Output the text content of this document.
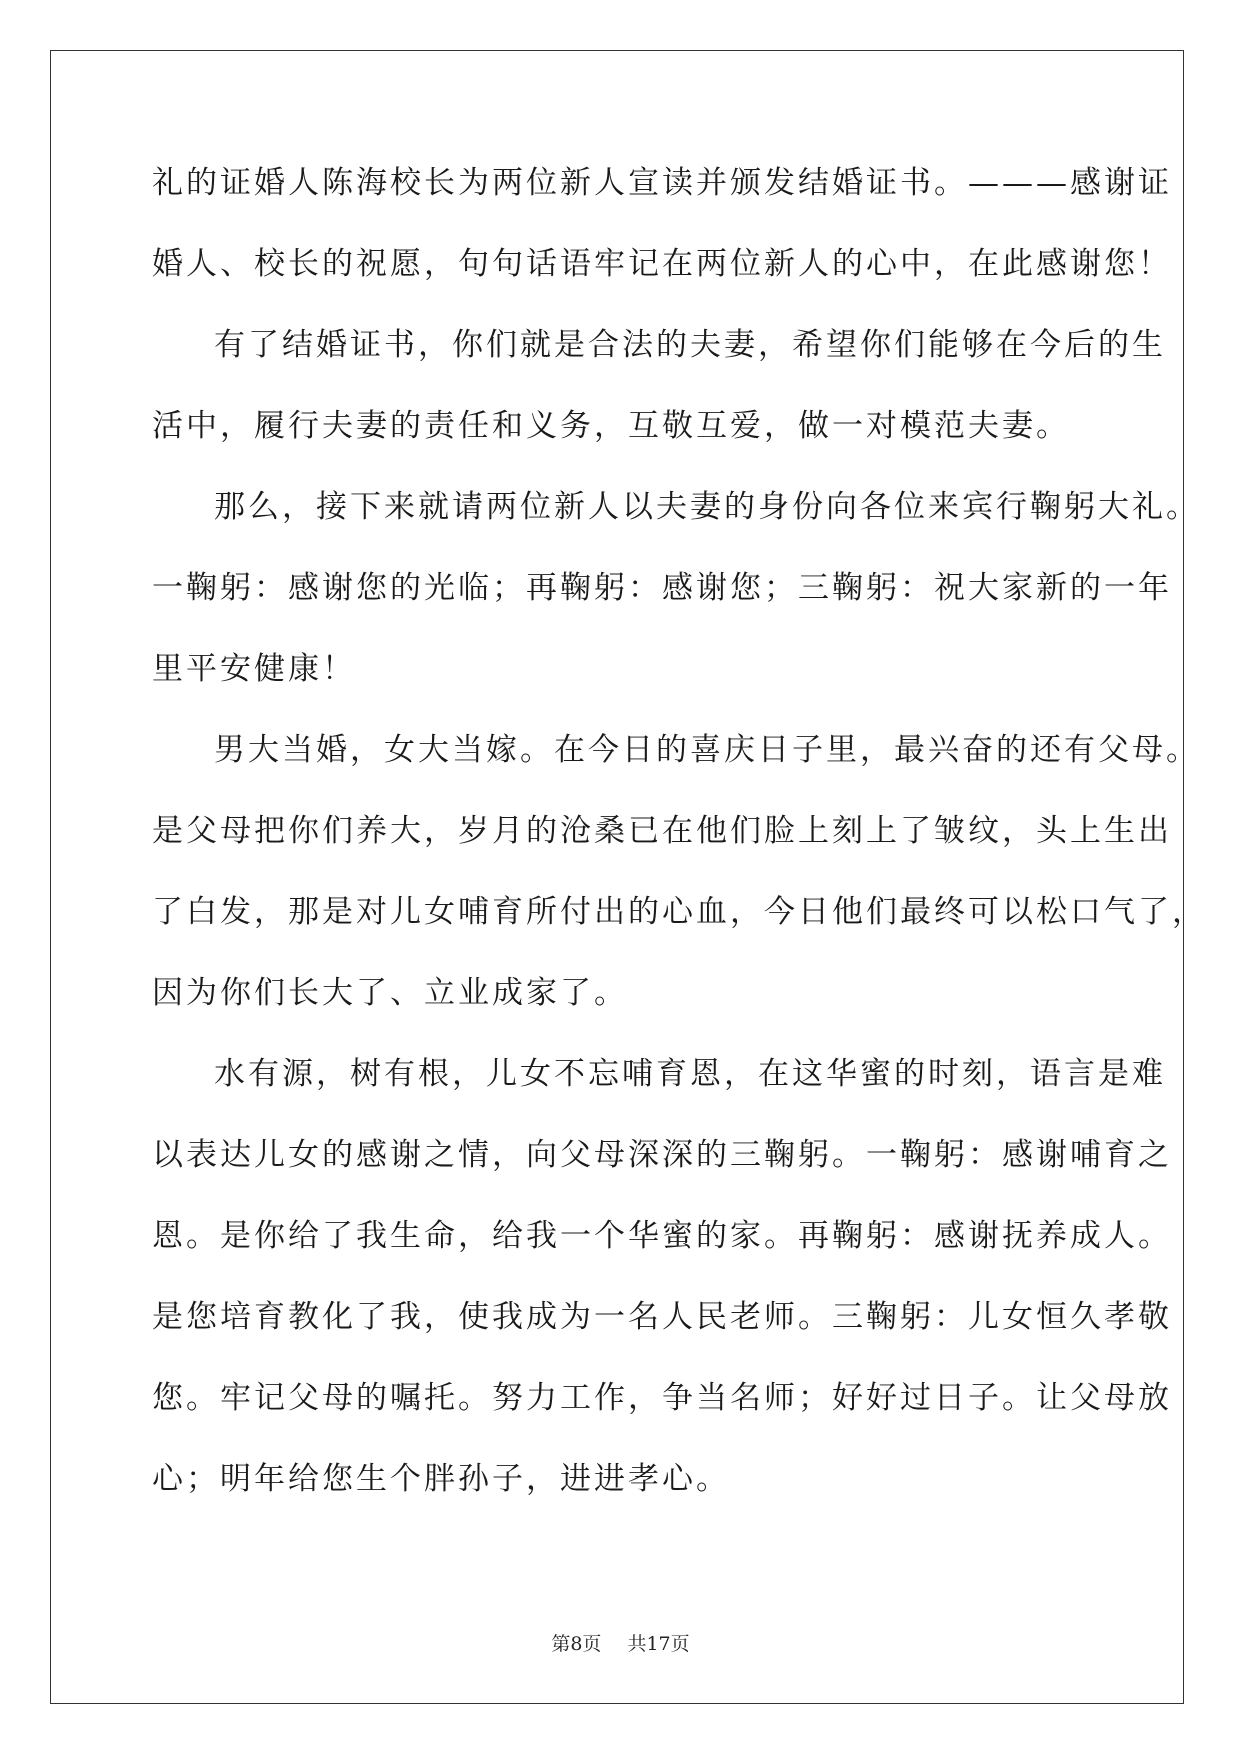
礼的证婚人陈海校长为两位新人宣读并颁发结婚证书。———感谢证
婚人、校长的祝愿，句句话语牢记在两位新人的心中，在此感谢您！
有了结婚证书，你们就是合法的夫妻，希望你们能够在今后的生
活中，履行夫妻的责任和义务，互敬互爱，做一对模范夫妻。
那么，接下来就请两位新人以夫妻的身份向各位来宾行鞠躬大礼。
一鞠躬：感谢您的光临；再鞠躬：感谢您；三鞠躬：祝大家新的一年
里平安健康！
男大当婚，女大当嫁。在今日的喜庆日子里，最兴奋的还有父母。
是父母把你们养大，岁月的沧桑已在他们脸上刻上了皱纹，头上生出
了白发，那是对儿女哺育所付出的心血，今日他们最终可以松口气了，
因为你们长大了、立业成家了。
水有源，树有根，儿女不忘哺育恩，在这华蜜的时刻，语言是难
以表达儿女的感谢之情，向父母深深的三鞠躬。一鞠躬：感谢哺育之
恩。是你给了我生命，给我一个华蜜的家。再鞠躬：感谢抚养成人。
是您培育教化了我，使我成为一名人民老师。三鞠躬：儿女恒久孝敬
您。牢记父母的嘱托。努力工作，争当名师；好好过日子。让父母放
心；明年给您生个胖孙子，进进孝心。
第8页 共17页
